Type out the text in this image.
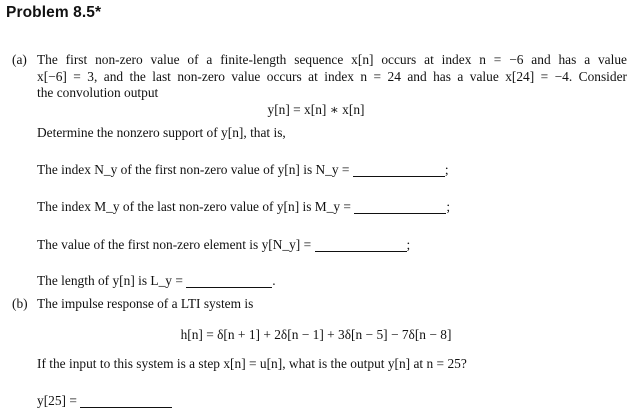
Problem 8.5*
(a) The first non-zero value of a finite-length sequence x[n] occurs at index n = −6 and has a value
x[−6] = 3, and the last non-zero value occurs at index n = 24 and has a value x[24] = −4. Consider
the convolution output
y[n] = x[n] ∗ x[n]
Determine the nonzero support of y[n], that is,
The index N_y of the first non-zero value of y[n] is N_y =	;
The index M_y of the last non-zero value of y[n] is M_y =	;
The value of the first non-zero element is y[N_y] =	;
The length of y[n] is L_y =	.
(b) The impulse response of a LTI system is
h[n] = δ[n + 1] + 2δ[n − 1] + 3δ[n − 5] − 7δ[n − 8]
If the input to this system is a step x[n] = u[n], what is the output y[n] at n = 25?
y[25] =
